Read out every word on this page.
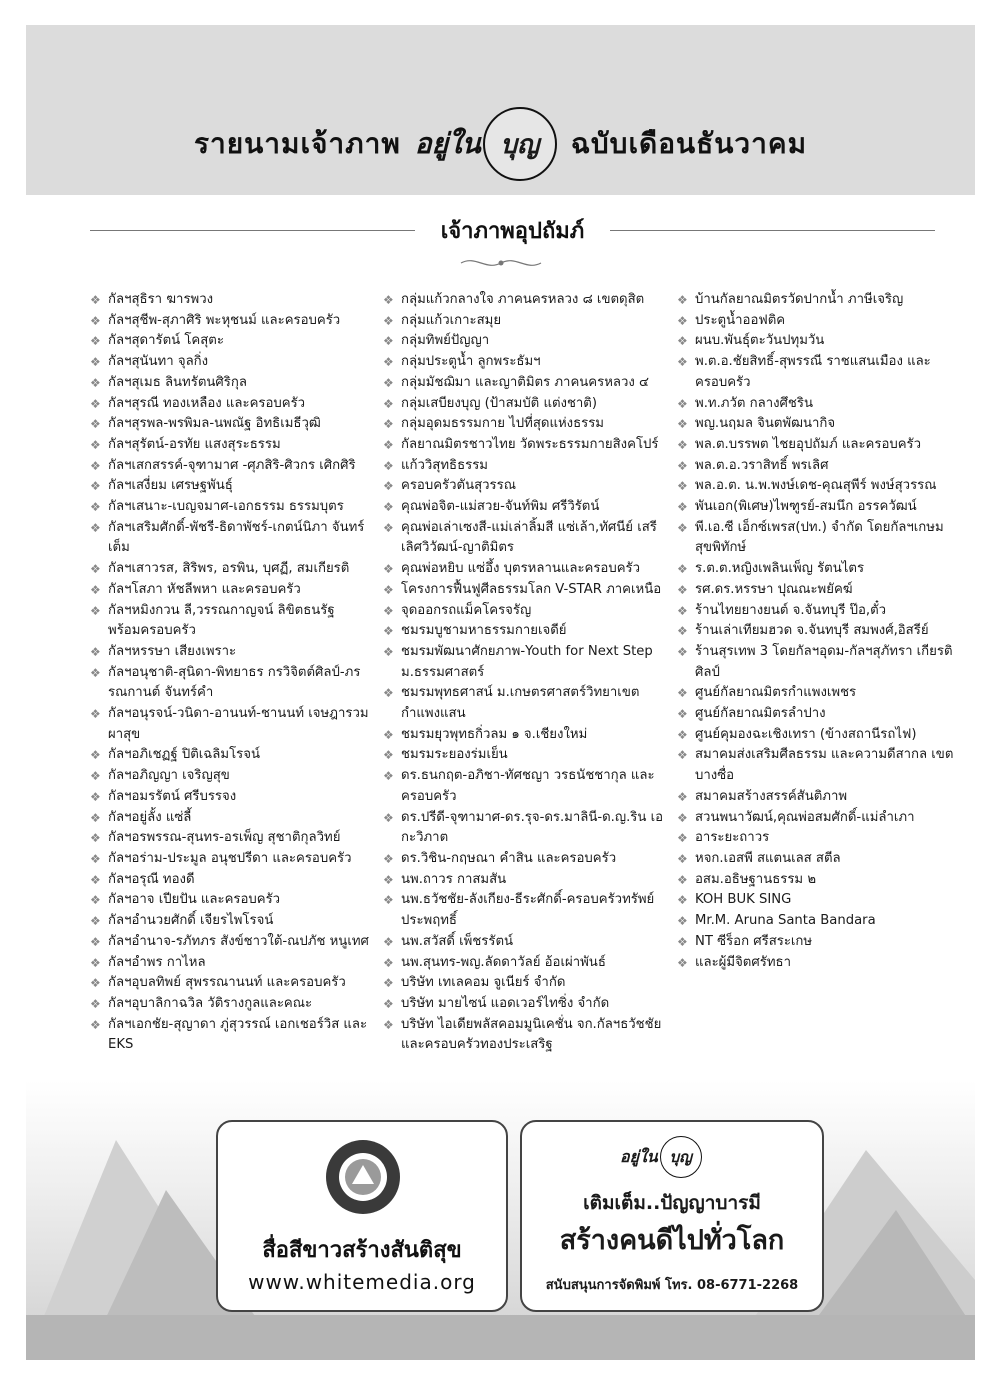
รายนามเจ้าภาพ อยู่ใน บุญ	ฉบับเดือนธันวาคม
เจ้าภาพอุปถัมภ์
❖ กัลฯสุธิรา ฆารพวง
❖ กัลฯสุชีพ-สุภาศิริ พะหุชนม์ และครอบครัว
❖ กัลฯสุดารัตน์ โคสุตะ
❖ กัลฯสุนันทา จุลกิ่ง
❖ กัลฯสุเมธ ลินทรัตนศิริกุล
❖ กัลฯสุรณี ทองเหลือง และครอบครัว
❖ กัลฯสุรพล-พรพิมล-นพณัฐ อิทธิเมธีวุฒิ
❖ กัลฯสุรัตน์-อรทัย แสงสุระธรรม
❖ กัลฯเสกสรรค์-จุฑามาศ -ศุภสิริ-ศิวกร เศิกศิริ
❖ กัลฯเสงี่ยม เศรษฐพันธุ์
❖ กัลฯเสนาะ-เบญจมาศ-เอกธรรม ธรรมบุตร
❖ กัลฯเสริมศักดิ์-พัชรี-ธิดาพัชร์-เกตน์นิภา จันทร์เต็ม
❖ กัลฯเสาวรส, สิริพร, อรพิน, บุศฏี, สมเกียรติ
❖ กัลฯโสภา หัชลีพหา และครอบครัว
❖ กัลฯหมิงกวน ลี,วรรณกาญจน์ ลิขิตธนรัฐ พร้อมครอบครัว
❖ กัลฯหรรษา เสียงเพราะ
❖ กัลฯอนุชาติ-สุนิดา-พิทยาธร กรวิจิตต์ศิลป์-ภรรณกานต์ จันทร์คำ
❖ กัลฯอนุรจน์-วนิดา-อานนท์-ชานนท์ เจษฎารวมผาสุข
❖ กัลฯอภิเชฏฐ์ ปิติเฉลิมโรจน์
❖ กัลฯอภิญญา เจริญสุข
❖ กัลฯอมรรัตน์ ศรีบรรจง
❖ กัลฯอยู่ลั้ง แซ่ลี้
❖ กัลฯอรพรรณ-สุนทร-อรเพ็ญ สุชาติกุลวิทย์
❖ กัลฯอร่าม-ประมูล อนุชปรีดา และครอบครัว
❖ กัลฯอรุณี ทองดี
❖ กัลฯอาจ เปียปัน และครอบครัว
❖ กัลฯอำนวยศักดิ์ เจียรไพโรจน์
❖ กัลฯอำนาจ-รภัทภร สังข์ชาวใต้-ณปภัช หนูเทศ
❖ กัลฯอำพร กาไหล
❖ กัลฯอุบลทิพย์ สุพรรณานนท์ และครอบครัว
❖ กัลฯอุบาลิกาฉวิล วัติรางกูลและคณะ
❖ กัลฯเอกชัย-สุญาดา ภู่สุวรรณ์ เอกเชอร์วิส และ EKS
❖ กลุ่มแก้วกลางใจ ภาคนครหลวง ๘ เขตดุสิต
❖ กลุ่มแก้วเกาะสมุย
❖ กลุ่มทิพย์ปัญญา
❖ กลุ่มประตูน้ำ ลูกพระธัมฯ
❖ กลุ่มมัชฌิมา และญาติมิตร ภาคนครหลวง ๔
❖ กลุ่มเสบียงบุญ (ป้าสมบัติ แต่งชาติ)
❖ กลุ่มอุดมธรรมกาย ไปที่สุดแห่งธรรม
❖ กัลยาณมิตรชาวไทย วัดพระธรรมกายสิงคโปร์
❖ แก้ววิสุทธิธรรม
❖ ครอบครัวตันสุวรรณ
❖ คุณพ่อจิต-แม่สวย-จันท์พิม ศรีวิรัตน์
❖ คุณพ่อเล่าเซงสี-แม่เล่าลิ้มสี แซ่เล้า,ทัศนีย์ เสรีเลิศวิวัฒน์-ญาติมิตร
❖ คุณพ่อหยิบ แซ่อึ้ง บุตรหลานและครอบครัว
❖ โครงการฟื้นฟูศีลธรรมโลก V-STAR ภาคเหนือ
❖ จุดออกรถแม็คโครจรัญ
❖ ชมรมบูชามหาธรรมกายเจดีย์
❖ ชมรมพัฒนาศักยภาพ-Youth for Next Step ม.ธรรมศาสตร์
❖ ชมรมพุทธศาสน์ ม.เกษตรศาสตร์วิทยาเขต กำแพงแสน
❖ ชมรมยุวพุทธกิ่วลม ๑ จ.เชียงใหม่
❖ ชมรมระยองร่มเย็น
❖ ดร.ธนกฤต-อภิชา-ทัศชญา วรธนัชชากุล และครอบครัว
❖ ดร.ปรีดี-จุฑามาศ-ดร.รุจ-ดร.มาลินี-ด.ญ.ริน เอกะวิภาต
❖ ดร.วิชิน-กฤษณา คำสิน และครอบครัว
❖ นพ.ถาวร กาสมสัน
❖ นพ.ธวัชชัย-ลังเกียง-ธีระศักดิ์-ครอบครัวทรัพย์ ประพฤทธิ์
❖ นพ.สวัสดิ์ เพ็ชรรัตน์
❖ นพ.สุนทร-พญ.ลัดดาวัลย์ อ้อเผ่าพันธ์
❖ บริษัท เทเลคอม จูเนียร์ จำกัด
❖ บริษัท มายไซน์ แอดเวอร์ไทซิ่ง จำกัด
❖ บริษัท ไอเดียพลัสคอมมูนิเคชั่น จก.กัลฯธวัชชัย และครอบครัวทองประเสริฐ
❖ บ้านกัลยาณมิตรวัดปากน้ำ ภาษีเจริญ
❖ ประตูน้ำออฟติค
❖ ผนบ.พันธุ์ตะวันปทุมวัน
❖ พ.ต.อ.ชัยสิทธิ์-สุพรรณี ราชแสนเมือง และครอบครัว
❖ พ.ท.ภวัต กลางศึชริน
❖ พญ.นฤมล จินตพัฒนากิจ
❖ พล.ต.บรรพต ไชยอุปถัมภ์ และครอบครัว
❖ พล.ต.อ.วราสิทธิ์ พรเลิศ
❖ พล.อ.ต. น.พ.พงษ์เดช-คุณสุพีร์ พงษ์สุวรรณ
❖ พันเอก(พิเศษ)ไพฑูรย์-สมนึก อรรควัฒน์
❖ พี.เอ.ซี เอ็กซ์เพรส(ปท.) จำกัด โดยกัลฯเกษม สุขพิทักษ์
❖ ร.ต.ต.หญิงเพลินเพ็ญ รัตนไตร
❖ รศ.ดร.หรรษา ปุณณะพยัคฆ์
❖ ร้านไทยยางยนต์ จ.จันทบุรี ป๊อ,ตั๋ว
❖ ร้านเล่าเทียมฮวด จ.จันทบุรี สมพงศ์,อิสรีย์
❖ ร้านสุรเทพ 3 โดยกัลฯอุดม-กัลฯสุภัทรา เกียรติศิลป์
❖ ศูนย์กัลยาณมิตรกำแพงเพชร
❖ ศูนย์กัลยาณมิตรลำปาง
❖ ศูนย์คุมองฉะเชิงเทรา (ข้างสถานีรถไฟ)
❖ สมาคมส่งเสริมศีลธรรม และความดีสากล เขตบางซื่อ
❖ สมาคมสร้างสรรค์สันติภาพ
❖ สวนพนาวัฒน์,คุณพ่อสมศักดิ์-แม่ลำเภา
❖ อาระยะถาวร
❖ หจก.เอสพี สแตนเลส สตีล
❖ อสม.อธิษฐานธรรม ๒
❖ KOH BUK SING
❖ Mr.M. Aruna Santa Bandara
❖ NT ซีร็อก ศรีสระเกษ
❖ และผู้มีจิตศรัทธา
สื่อสีขาวสร้างสันติสุข
www.whitemedia.org
อยู่ใน บุญ
เติมเต็ม..ปัญญาบารมี
สร้างคนดีไปทั่วโลก
สนับสนุนการจัดพิมพ์ โทร. 08-6771-2268
